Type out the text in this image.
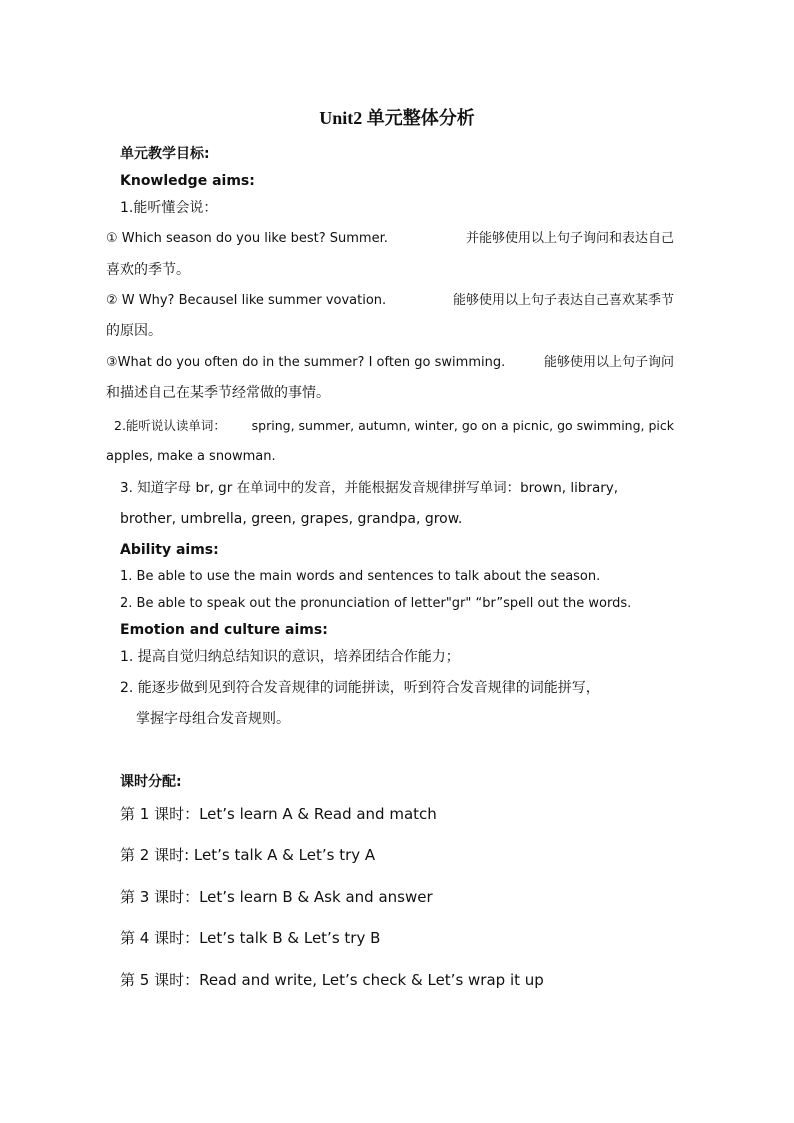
Unit2 单元整体分析

单元教学目标:

Knowledge aims:

1.能听懂会说：

① Which season do you like best? Summer.	并能够使用以上句子询问和表达自己

喜欢的季节。

② W Why? BecauseI like summer vovation.	能够使用以上句子表达自己喜欢某季节

的原因。

③What do you often do in the summer? I often go swimming.	能够使用以上句子询问

和描述自己在某季节经常做的事情。

2.能听说认读单词： spring, summer, autumn, winter, go on a picnic, go swimming, pick

apples, make a snowman.

3. 知道字母 br, gr 在单词中的发音，并能根据发音规律拼写单词：brown, library,

brother, umbrella, green, grapes, grandpa, grow.

Ability aims:

1. Be able to use the main words and sentences to talk about the season.

2. Be able to speak out the pronunciation of letter"gr" “br”spell out the words.

Emotion and culture aims:

1. 提高自觉归纳总结知识的意识，培养团结合作能力；

2. 能逐步做到见到符合发音规律的词能拼读，听到符合发音规律的词能拼写，

掌握字母组合发音规则。

课时分配:

第 1 课时：Let’s learn A & Read and match

第 2 课时: Let’s talk A & Let’s try A

第 3 课时：Let’s learn B & Ask and answer

第 4 课时：Let’s talk B & Let’s try B

第 5 课时：Read and write, Let’s check & Let’s wrap it up
